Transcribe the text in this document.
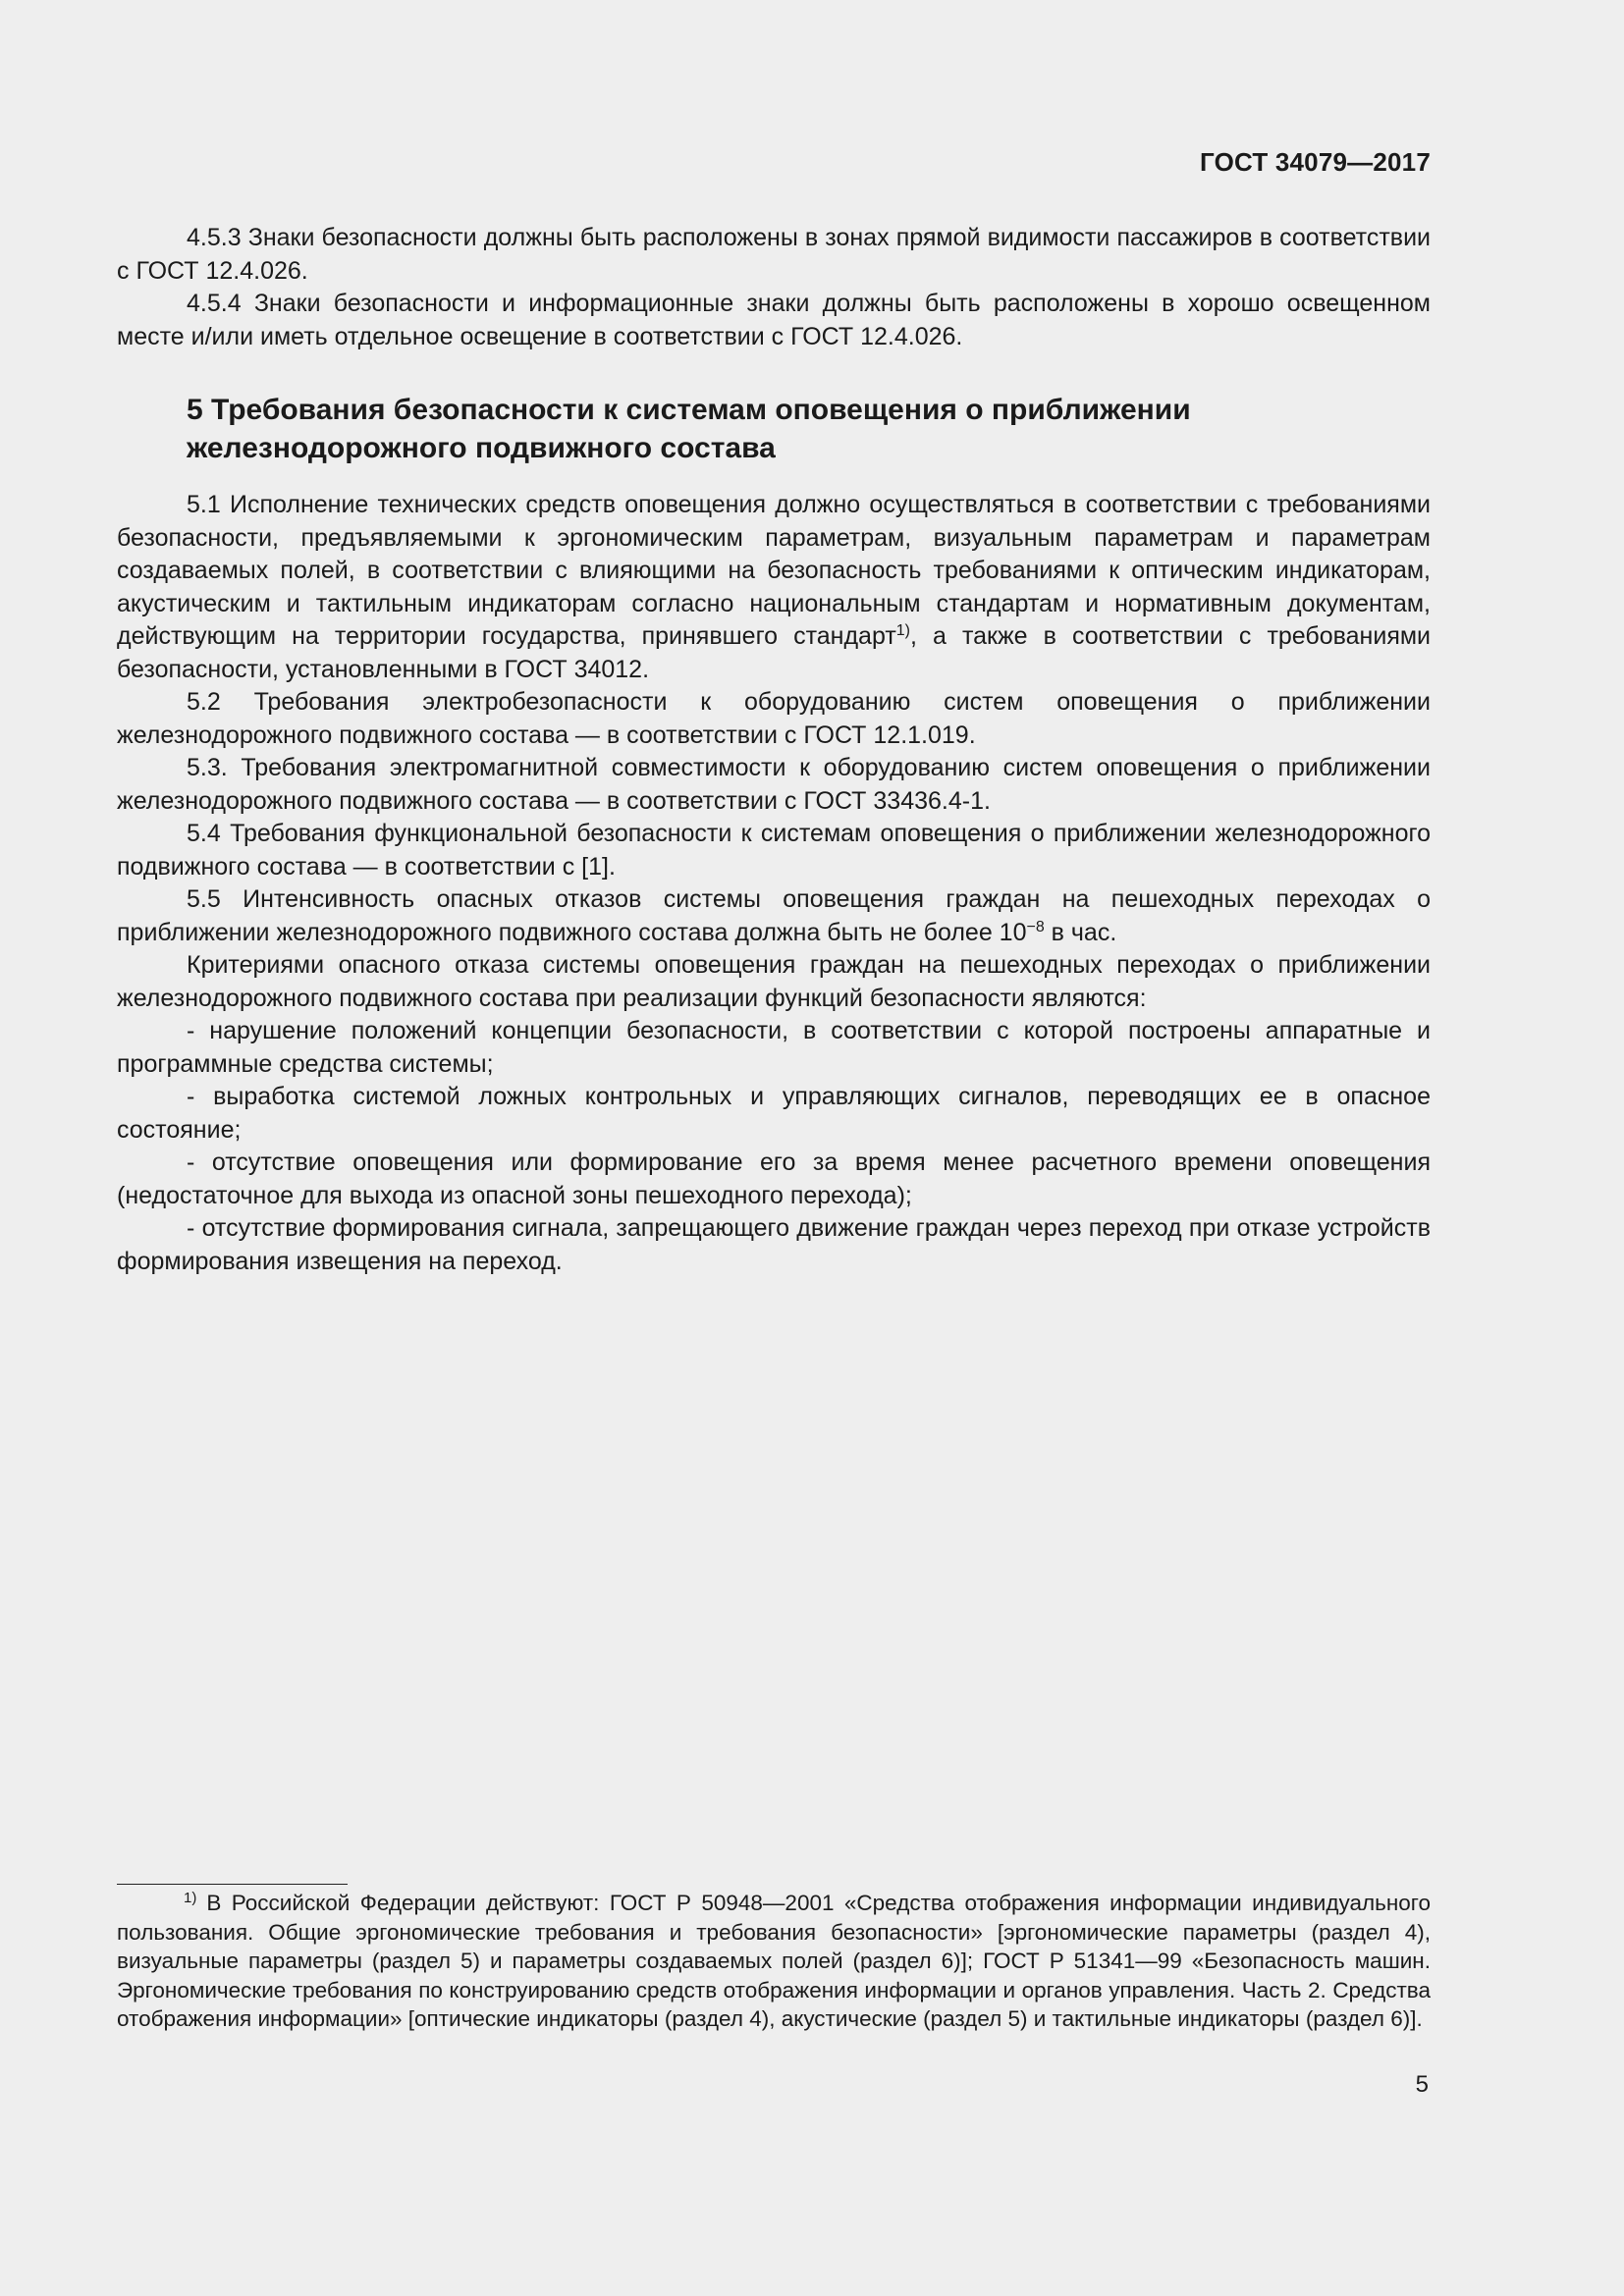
ГОСТ 34079—2017

4.5.3 Знаки безопасности должны быть расположены в зонах прямой видимости пассажиров в соответствии с ГОСТ 12.4.026.

4.5.4 Знаки безопасности и информационные знаки должны быть расположены в хорошо освещенном месте и/или иметь отдельное освещение в соответствии с ГОСТ 12.4.026.

5 Требования безопасности к системам оповещения о приближении железнодорожного подвижного состава

5.1 Исполнение технических средств оповещения должно осуществляться в соответствии с требованиями безопасности, предъявляемыми к эргономическим параметрам, визуальным параметрам и параметрам создаваемых полей, в соответствии с влияющими на безопасность требованиями к оптическим индикаторам, акустическим и тактильным индикаторам согласно национальным стандартам и нормативным документам, действующим на территории государства, принявшего стандарт$^{1)}$, а также в соответствии с требованиями безопасности, установленными в ГОСТ 34012.

5.2 Требования электробезопасности к оборудованию систем оповещения о приближении железнодорожного подвижного состава — в соответствии с ГОСТ 12.1.019.

5.3. Требования электромагнитной совместимости к оборудованию систем оповещения о приближении железнодорожного подвижного состава — в соответствии с ГОСТ 33436.4-1.

5.4 Требования функциональной безопасности к системам оповещения о приближении железнодорожного подвижного состава — в соответствии с [1].

5.5 Интенсивность опасных отказов системы оповещения граждан на пешеходных переходах о приближении железнодорожного подвижного состава должна быть не более $10^{-8}$ в час.

Критериями опасного отказа системы оповещения граждан на пешеходных переходах о приближении железнодорожного подвижного состава при реализации функций безопасности являются:

- нарушение положений концепции безопасности, в соответствии с которой построены аппаратные и программные средства системы;

- выработка системой ложных контрольных и управляющих сигналов, переводящих ее в опасное состояние;

- отсутствие оповещения или формирование его за время менее расчетного времени оповещения (недостаточное для выхода из опасной зоны пешеходного перехода);

- отсутствие формирования сигнала, запрещающего движение граждан через переход при отказе устройств формирования извещения на переход.

$^{1)}$ В Российской Федерации действуют: ГОСТ Р 50948—2001 «Средства отображения информации индивидуального пользования. Общие эргономические требования и требования безопасности» [эргономические параметры (раздел 4), визуальные параметры (раздел 5) и параметры создаваемых полей (раздел 6)]; ГОСТ Р 51341—99 «Безопасность машин. Эргономические требования по конструированию средств отображения информации и органов управления. Часть 2. Средства отображения информации» [оптические индикаторы (раздел 4), акустические (раздел 5) и тактильные индикаторы (раздел 6)].

5
